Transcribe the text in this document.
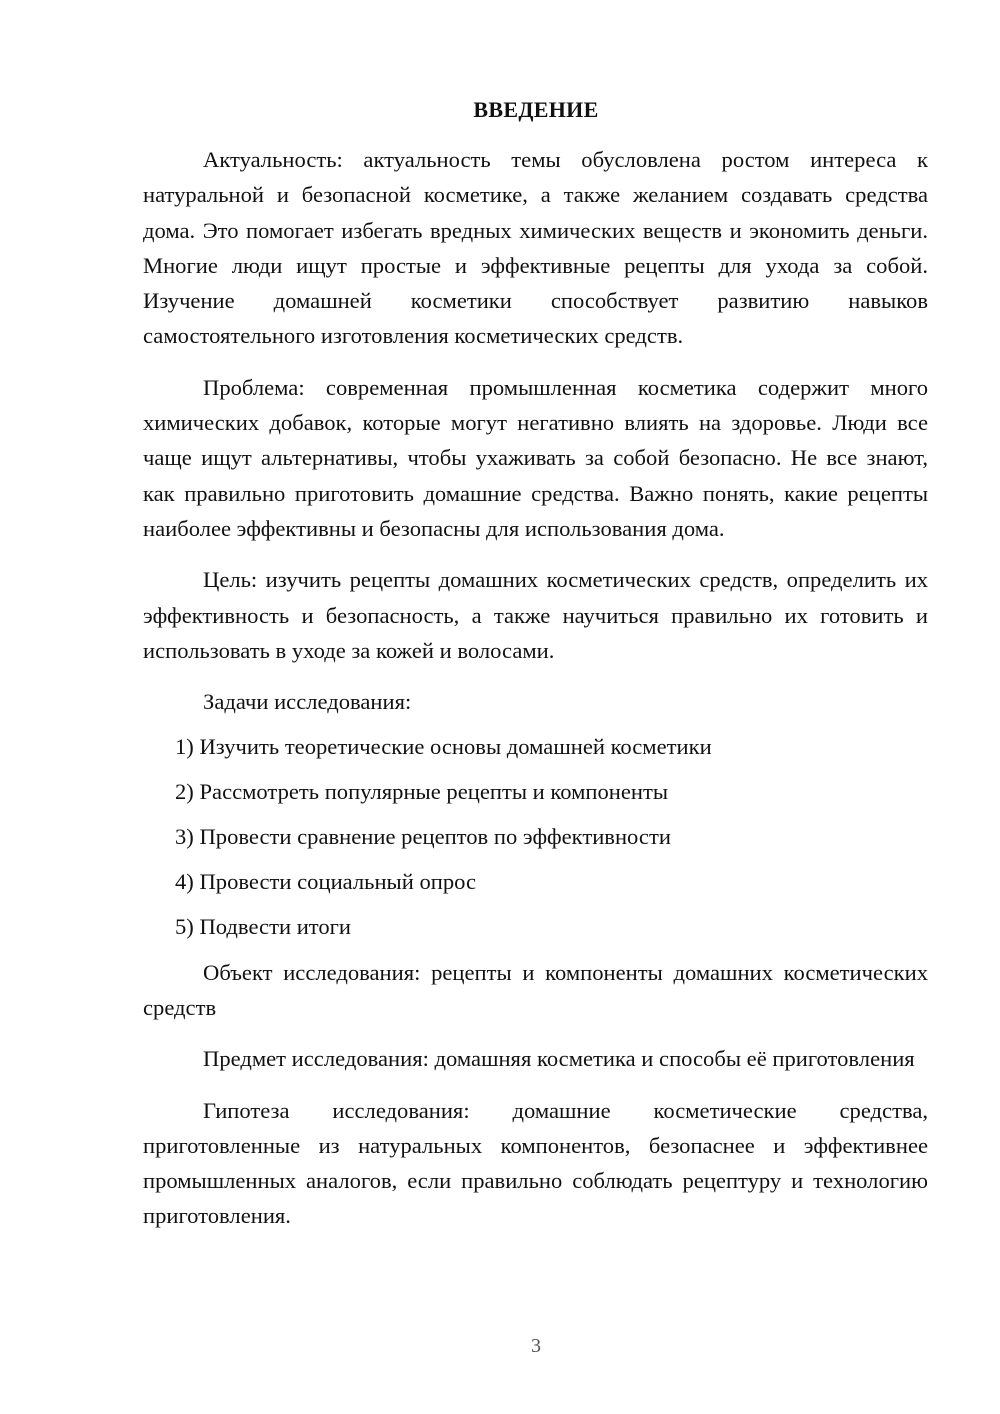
ВВЕДЕНИЕ

Актуальность: актуальность темы обусловлена ростом интереса к натуральной и безопасной косметике, а также желанием создавать средства дома. Это помогает избегать вредных химических веществ и экономить деньги. Многие люди ищут простые и эффективные рецепты для ухода за собой. Изучение домашней косметики способствует развитию навыков самостоятельного изготовления косметических средств.

Проблема: современная промышленная косметика содержит много химических добавок, которые могут негативно влиять на здоровье. Люди все чаще ищут альтернативы, чтобы ухаживать за собой безопасно. Не все знают, как правильно приготовить домашние средства. Важно понять, какие рецепты наиболее эффективны и безопасны для использования дома.

Цель: изучить рецепты домашних косметических средств, определить их эффективность и безопасность, а также научиться правильно их готовить и использовать в уходе за кожей и волосами.

Задачи исследования:

1) Изучить теоретические основы домашней косметики
2) Рассмотреть популярные рецепты и компоненты
3) Провести сравнение рецептов по эффективности
4) Провести социальный опрос
5) Подвести итоги

Объект исследования: рецепты и компоненты домашних косметических средств

Предмет исследования: домашняя косметика и способы её приготовления

Гипотеза исследования: домашние косметические средства, приготовленные из натуральных компонентов, безопаснее и эффективнее промышленных аналогов, если правильно соблюдать рецептуру и технологию приготовления.

3
